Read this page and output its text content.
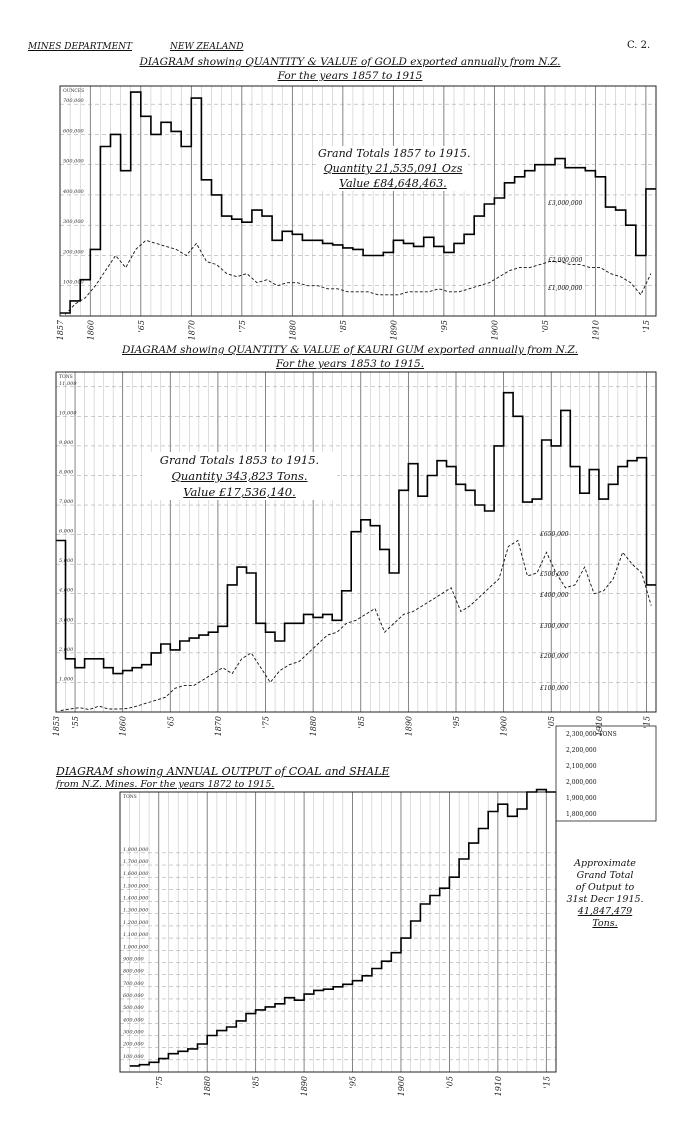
MINES DEPARTMENT	NEW ZEALAND	C. 2.
DIAGRAM showing QUANTITY & VALUE of GOLD exported annually from N.Z.
For the years 1857 to 1915
100,000
200,000
300,000
400,000
500,000
600,000
700,000
OUNCES
1857	1860	'65	1870	'75	1880	'85	1890	'95	1900	'05	1910	'15
£3,000,000
£2,000,000
£1,000,000
1,000
2,000
3,000
4,000
5,000
6,000
7,000
8,000
9,000
10,000
11,000
TONS
1853 '55	1860	'65	1870	'75	1880	'85	1890	'95	1900	'05	1910	'15
£650,000
£500,000
£400,000
£300,000
£200,000
£100,000
100,000
200,000
300,000
400,000
500,000
600,000
700,000
800,000
900,000
1,000,000
1,100,000
1,200,000
1,300,000
1,400,000
1,500,000
1,600,000
1,700,000
1,800,000
TONS
'75	1880	'85	1890	'95	1900	'05	1910	'15
2,300,000 TONS
2,200,000
2,100,000
2,000,000
1,900,000
1,800,000
Grand Totals 1857 to 1915.
Quantity 21,535,091 Ozs
Value £84,648,463.
DIAGRAM showing QUANTITY & VALUE of KAURI GUM exported annually from N.Z.
For the years 1853 to 1915.
Grand Totals 1853 to 1915.
Quantity 343,823 Tons.
Value £17,536,140.
DIAGRAM showing ANNUAL OUTPUT of COAL and SHALE
from N.Z. Mines. For the years 1872 to 1915.
Approximate
Grand Total
of Output to
31st Decr 1915.
41,847,479
Tons.
